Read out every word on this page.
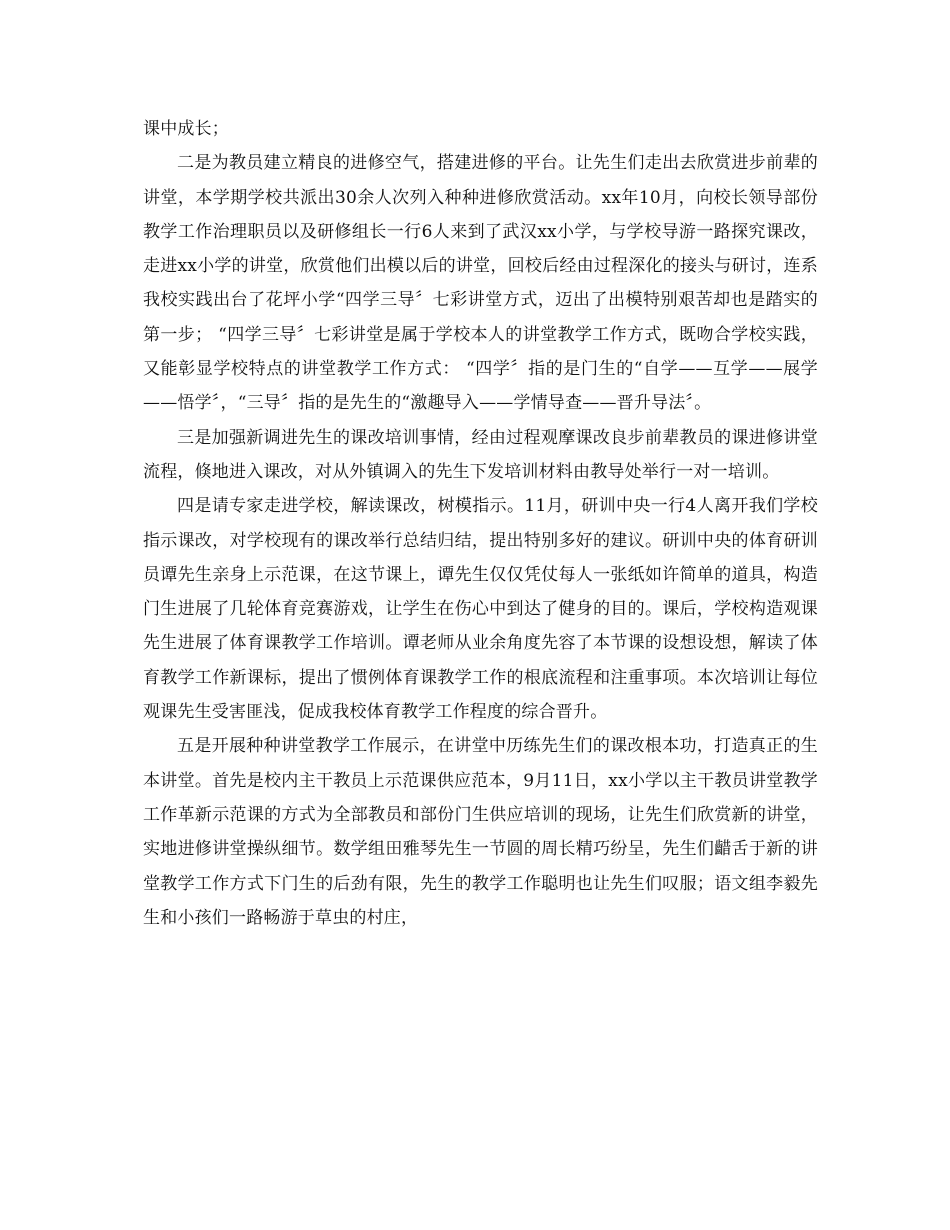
课中成长；

二是为教员建立精良的进修空气，搭建进修的平台。让先生们走出去欣赏进步前辈的讲堂，本学期学校共派出30余人次列入种种进修欣赏活动。xx年10月，向校长领导部份教学工作治理职员以及研修组长一行6人来到了武汉xx小学，与学校导游一路探究课改，走进xx小学的讲堂，欣赏他们出模以后的讲堂，回校后经由过程深化的接头与研讨，连系我校实践出台了花坪小学“四学三导〞七彩讲堂方式，迈出了出模特别艰苦却也是踏实的第一步； “四学三导〞七彩讲堂是属于学校本人的讲堂教学工作方式，既吻合学校实践，又能彰显学校特点的讲堂教学工作方式： “四学〞指的是门生的“自学——互学——展学——悟学〞，“三导〞指的是先生的“激趣导入——学情导查——晋升导法〞。

三是加强新调进先生的课改培训事情，经由过程观摩课改良步前辈教员的课进修讲堂流程，倏地进入课改，对从外镇调入的先生下发培训材料由教导处举行一对一培训。

四是请专家走进学校，解读课改，树模指示。11月，研训中央一行4人离开我们学校指示课改，对学校现有的课改举行总结归结，提出特别多好的建议。研训中央的体育研训员谭先生亲身上示范课，在这节课上，谭先生仅仅凭仗每人一张纸如许简单的道具，构造门生进展了几轮体育竞赛游戏，让学生在伤心中到达了健身的目的。课后，学校构造观课先生进展了体育课教学工作培训。谭老师从业余角度先容了本节课的设想设想，解读了体育教学工作新课标，提出了惯例体育课教学工作的根底流程和注重事项。本次培训让每位观课先生受害匪浅，促成我校体育教学工作程度的综合晋升。

五是开展种种讲堂教学工作展示，在讲堂中历练先生们的课改根本功，打造真正的生本讲堂。首先是校内主干教员上示范课供应范本，9月11日，xx小学以主干教员讲堂教学工作革新示范课的方式为全部教员和部份门生供应培训的现场，让先生们欣赏新的讲堂，实地进修讲堂操纵细节。数学组田雅琴先生一节圆的周长精巧纷呈，先生们齰舌于新的讲堂教学工作方式下门生的后劲有限，先生的教学工作聪明也让先生们叹服；语文组李毅先生和小孩们一路畅游于草虫的村庄，
